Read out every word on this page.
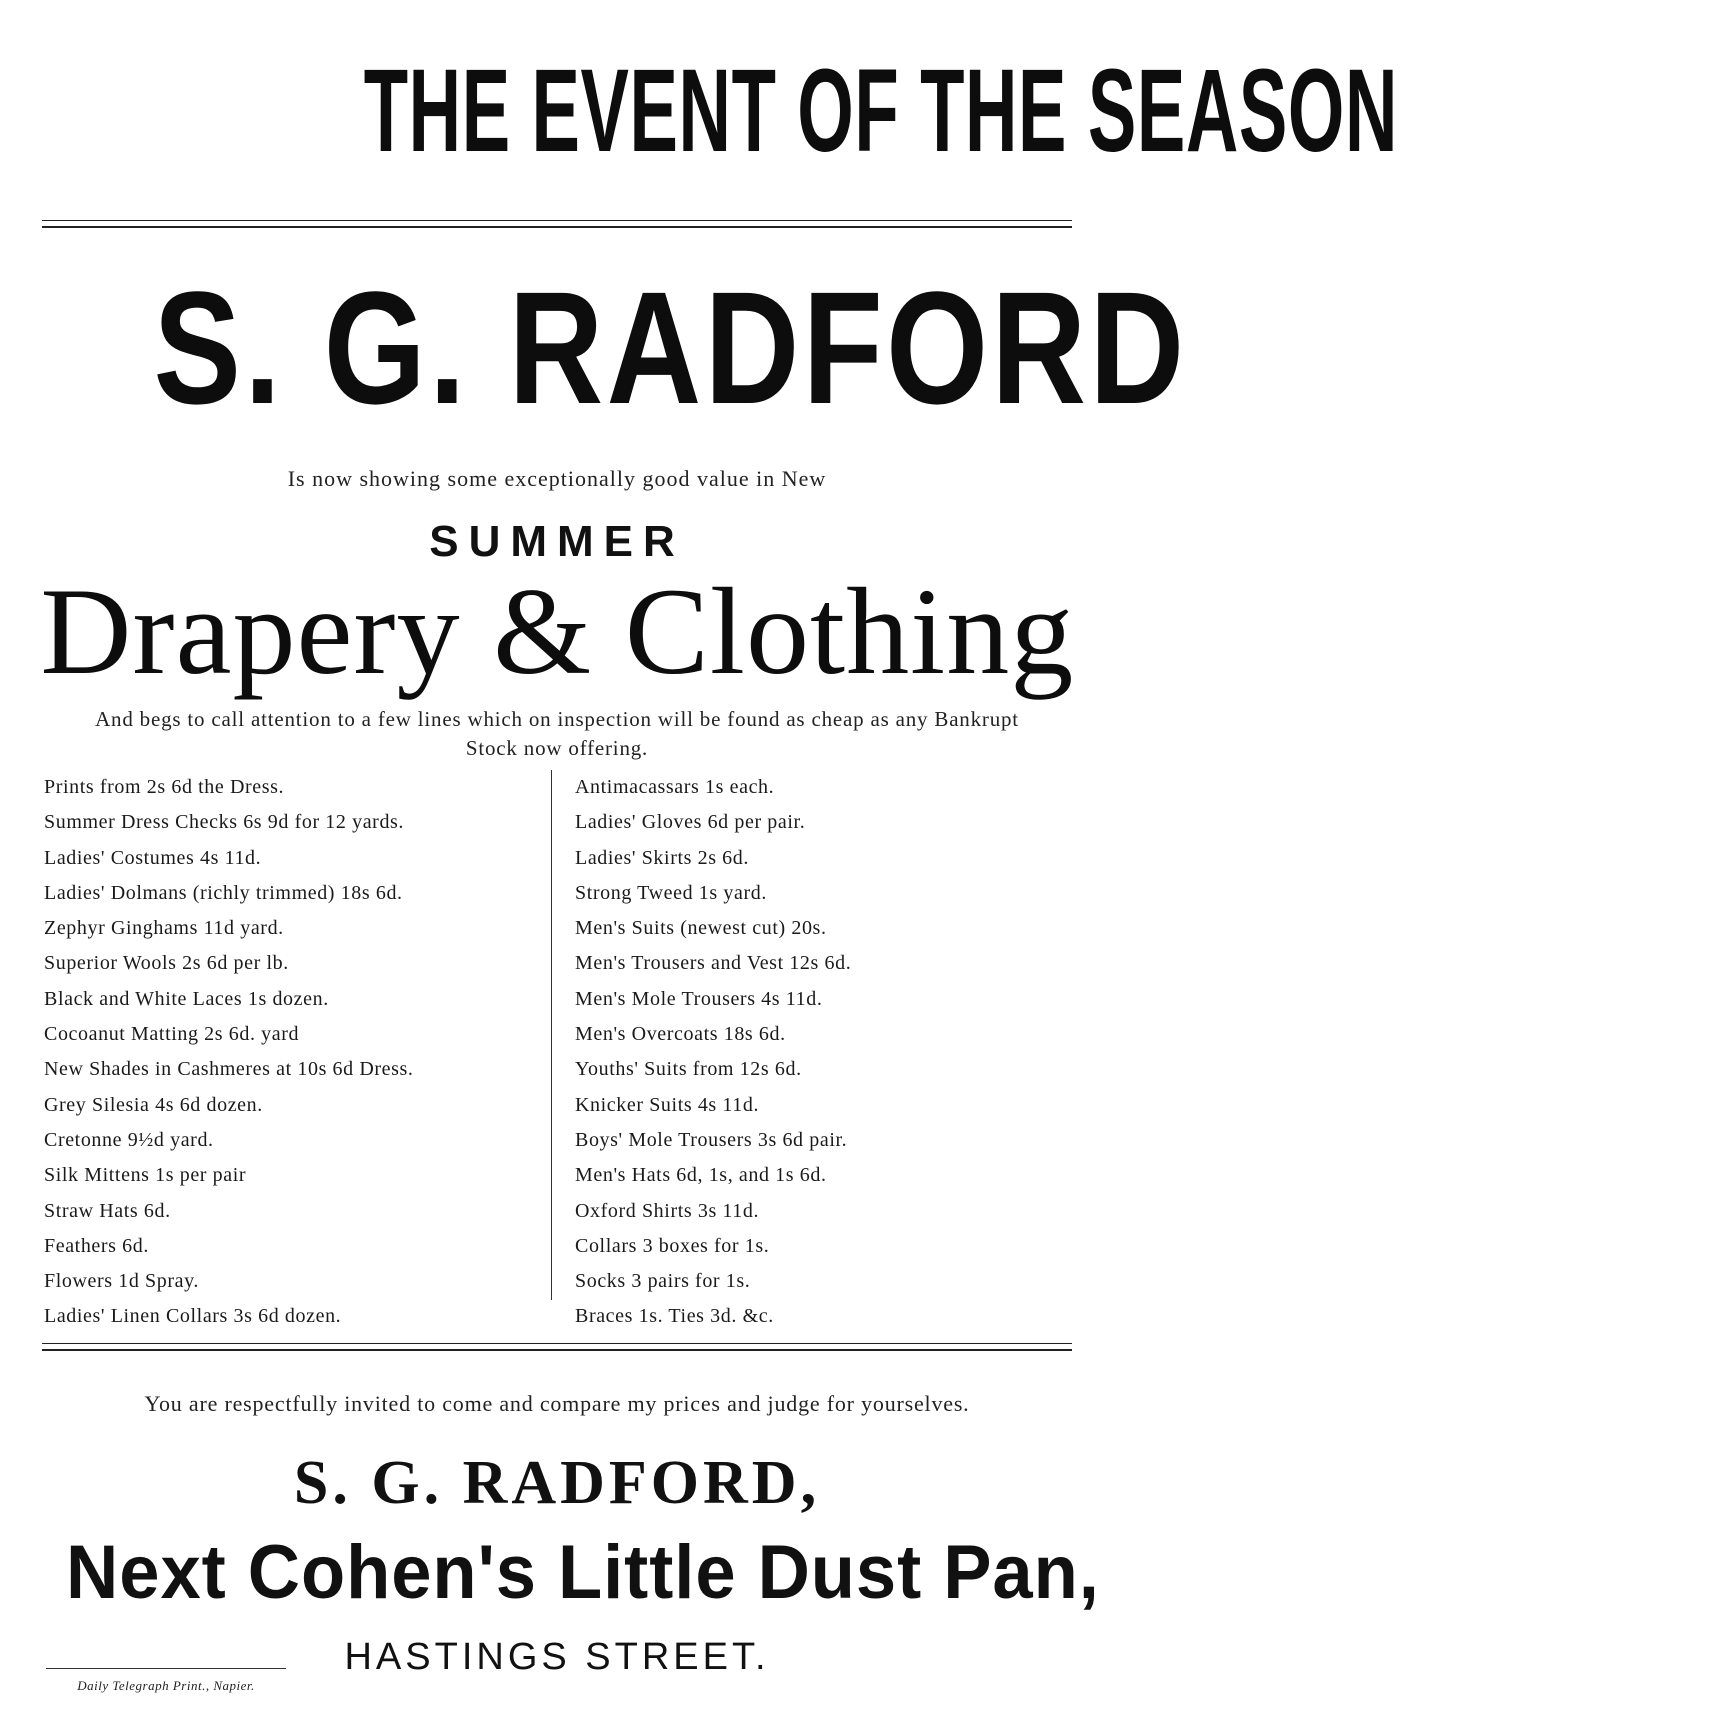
THE EVENT OF THE SEASON
S. G. RADFORD
Is now showing some exceptionally good value in New
SUMMER
Drapery & Clothing
And begs to call attention to a few lines which on inspection will be found as cheap as any Bankrupt Stock now offering.
Prints from 2s 6d the Dress.
Summer Dress Checks 6s 9d for 12 yards.
Ladies' Costumes 4s 11d.
Ladies' Dolmans (richly trimmed) 18s 6d.
Zephyr Ginghams 11d yard.
Superior Wools 2s 6d per lb.
Black and White Laces 1s dozen.
Cocoanut Matting 2s 6d. yard
New Shades in Cashmeres at 10s 6d Dress.
Grey Silesia 4s 6d dozen.
Cretonne 9½d yard.
Silk Mittens 1s per pair
Straw Hats 6d.
Feathers 6d.
Flowers 1d Spray.
Ladies' Linen Collars 3s 6d dozen.
Antimacassars 1s each.
Ladies' Gloves 6d per pair.
Ladies' Skirts 2s 6d.
Strong Tweed 1s yard.
Men's Suits (newest cut) 20s.
Men's Trousers and Vest 12s 6d.
Men's Mole Trousers 4s 11d.
Men's Overcoats 18s 6d.
Youths' Suits from 12s 6d.
Knicker Suits 4s 11d.
Boys' Mole Trousers 3s 6d pair.
Men's Hats 6d, 1s, and 1s 6d.
Oxford Shirts 3s 11d.
Collars 3 boxes for 1s.
Socks 3 pairs for 1s.
Braces 1s. Ties 3d. &c.
You are respectfully invited to come and compare my prices and judge for yourselves.
S. G. RADFORD,
Next Cohen's Little Dust Pan,
HASTINGS STREET.
Daily Telegraph Print., Napier.
